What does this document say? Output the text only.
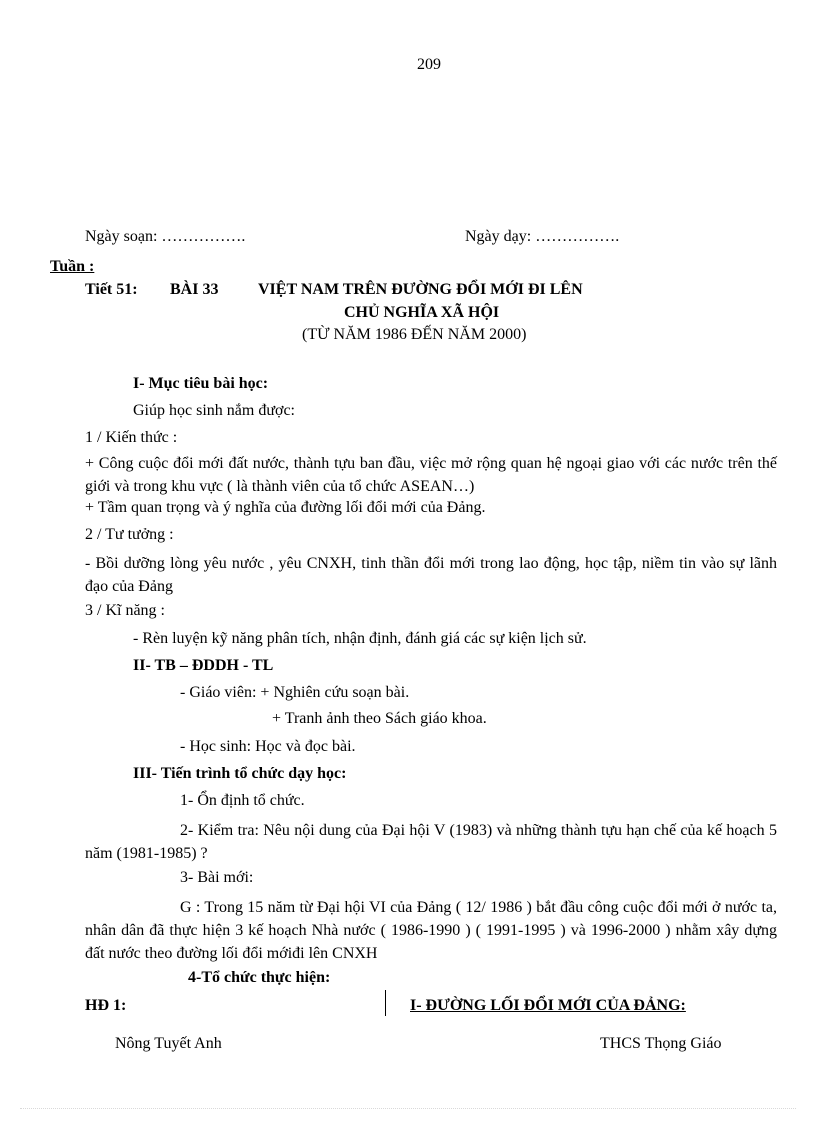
209
Ngày soạn: …………….	Ngày dạy: …………….
Tuần :
Tiết 51: BÀI 33 VIỆT NAM TRÊN ĐƯỜNG ĐỔI MỚI ĐI LÊN
CHỦ NGHĨA XÃ HỘI
(TỪ NĂM 1986 ĐẾN NĂM 2000)
I- Mục tiêu bài học:
Giúp học sinh nắm được:
1 / Kiến thức :
+ Công cuộc đổi mới đất nước, thành tựu ban đầu, việc mở rộng quan hệ ngoại giao với các nước trên thế giới và trong khu vực ( là thành viên của tổ chức ASEAN…)
+ Tầm quan trọng và ý nghĩa của đường lối đổi mới của Đảng.
2 / Tư tưởng :
- Bồi dưỡng lòng yêu nước , yêu CNXH, tinh thần đổi mới trong lao động, học tập, niềm tin vào sự lãnh đạo của Đảng
3 / Kĩ năng :
- Rèn luyện kỹ năng phân tích, nhận định, đánh giá các sự kiện lịch sử.
II- TB – ĐDDH - TL
- Giáo viên: + Nghiên cứu soạn bài.
+ Tranh ảnh theo Sách giáo khoa.
- Học sinh: Học và đọc bài.
III- Tiến trình tổ chức dạy học:
1- Ổn định tổ chức.
2- Kiểm tra: Nêu nội dung của Đại hội V (1983) và những thành tựu hạn chế của kế hoạch 5 năm (1981-1985) ?
3- Bài mới:
G : Trong 15 năm từ Đại hội VI của Đảng ( 12/ 1986 ) bắt đầu công cuộc đổi mới ở nước ta, nhân dân đã thực hiện 3 kế hoạch Nhà nước ( 1986-1990 ) ( 1991-1995 ) và 1996-2000 ) nhằm xây dựng đất nước theo đường lối đổi mớiđi lên CNXH
4-Tổ chức thực hiện:
HĐ 1:	I- ĐƯỜNG LỐI ĐỔI MỚI CỦA ĐẢNG:
Nông Tuyết Anh	THCS Thọng Giáo
